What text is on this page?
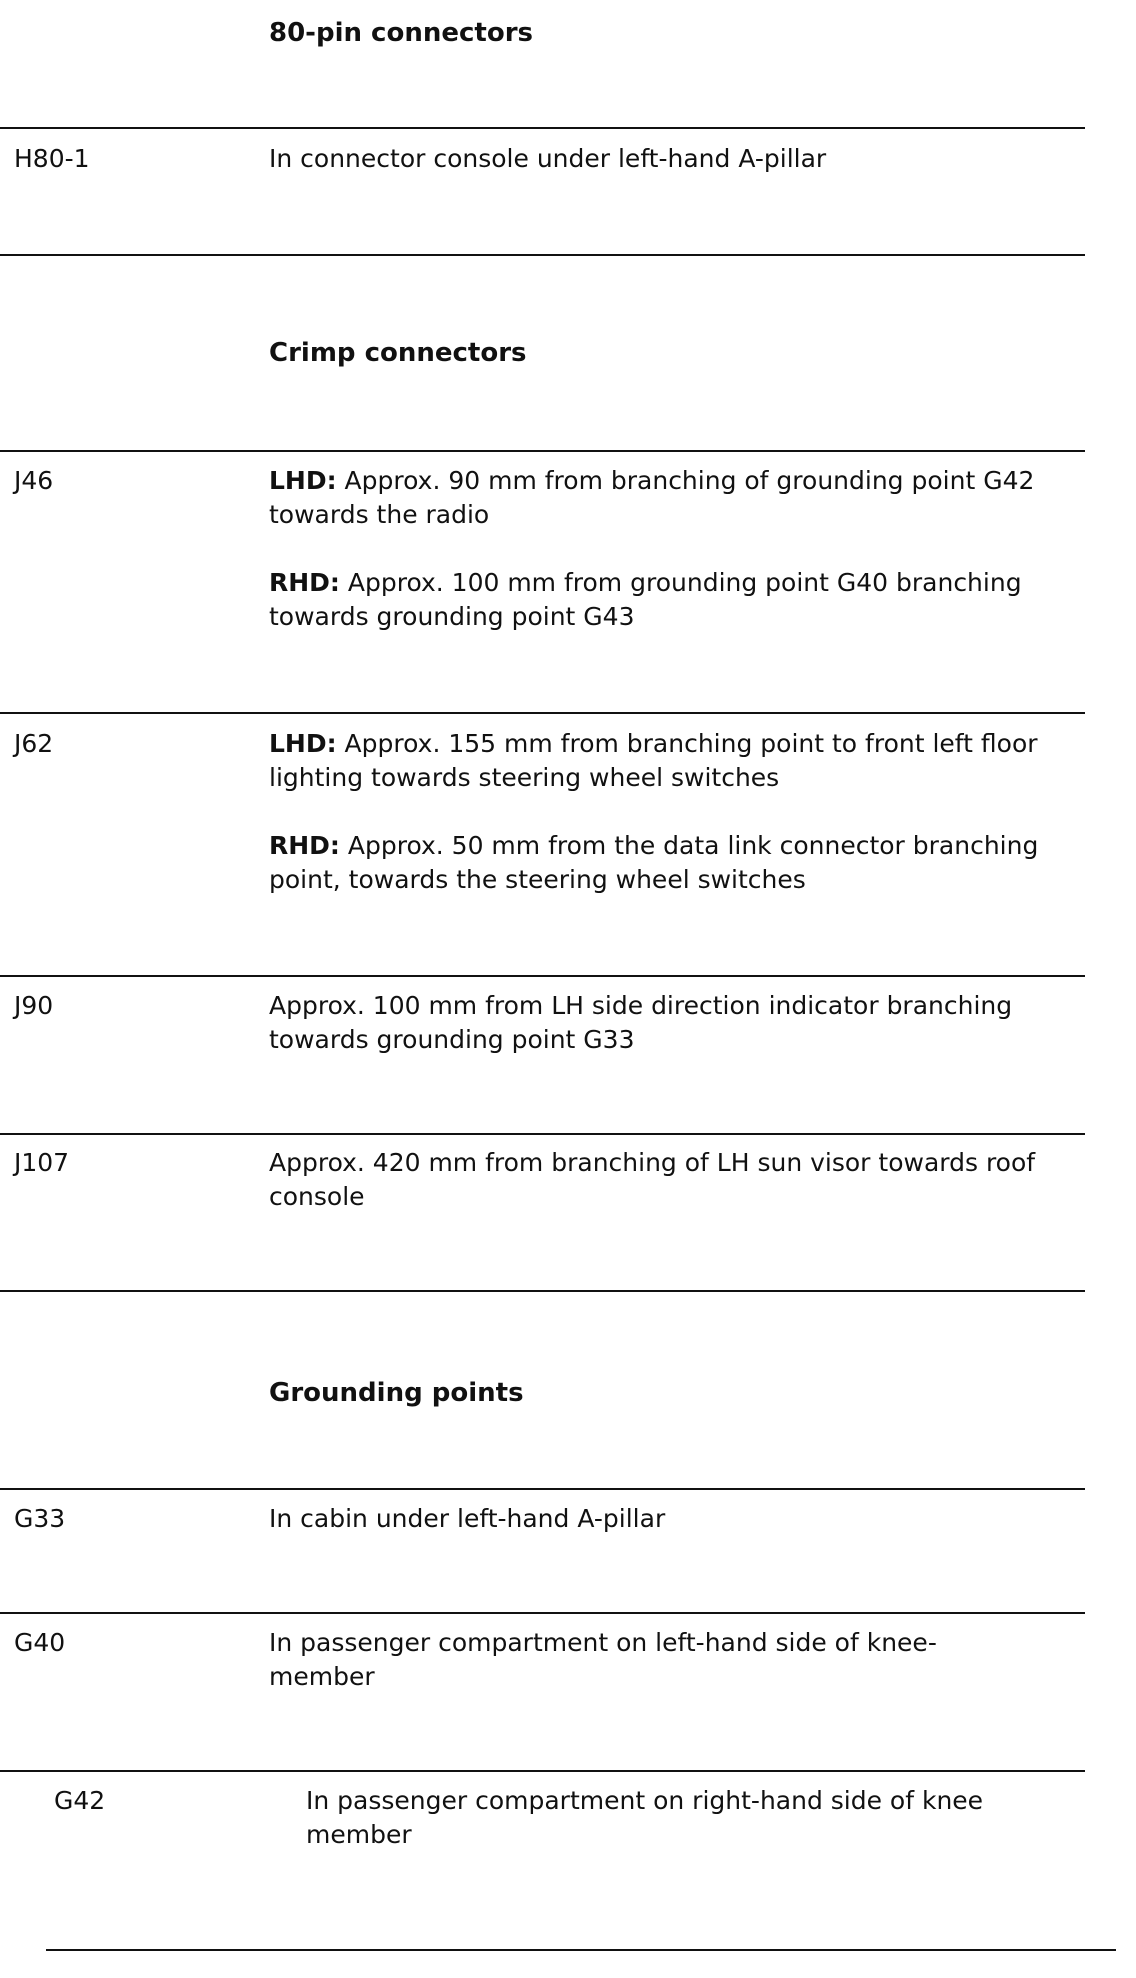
80-pin connectors

H80-1	In connector console under left-hand A-pillar

Crimp connectors

J46	LHD: Approx. 90 mm from branching of grounding point G42 towards the radio

RHD: Approx. 100 mm from grounding point G40 branching towards grounding point G43

J62	LHD: Approx. 155 mm from branching point to front left floor lighting towards steering wheel switches

RHD: Approx. 50 mm from the data link connector branching point, towards the steering wheel switches

J90	Approx. 100 mm from LH side direction indicator branching towards grounding point G33

J107	Approx. 420 mm from branching of LH sun visor towards roof console

Grounding points

G33	In cabin under left-hand A-pillar

G40	In passenger compartment on left-hand side of knee-member

G42	In passenger compartment on right-hand side of knee member
